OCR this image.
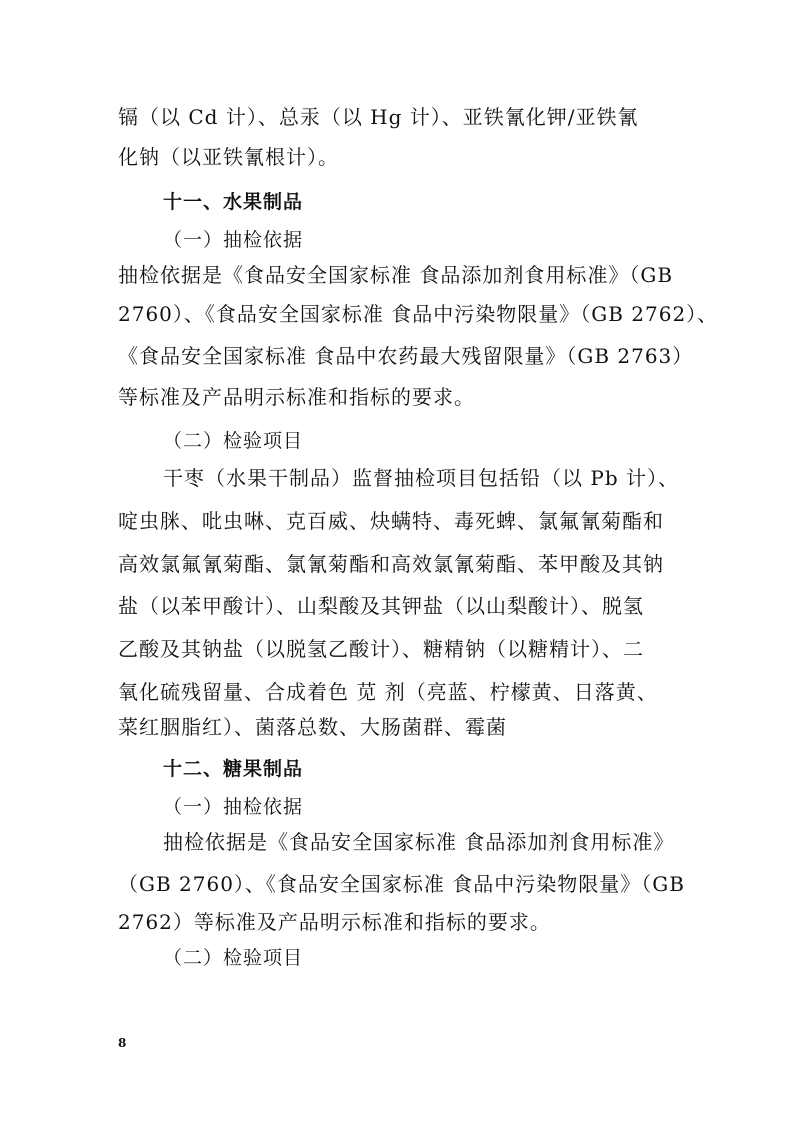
镉（以 Cd 计）、总汞（以 Hg 计）、亚铁氰化钾/亚铁氰
化钠（以亚铁氰根计）。
十一、水果制品
（一）抽检依据
抽检依据是《食品安全国家标准 食品添加剂食用标准》（GB
2760）、《食品安全国家标准 食品中污染物限量》（GB 2762）、
《食品安全国家标准 食品中农药最大残留限量》（GB 2763）
等标准及产品明示标准和指标的要求。
（二）检验项目
干枣（水果干制品）监督抽检项目包括铅（以 Pb 计）、
啶虫脒、吡虫啉、克百威、炔螨特、毒死蜱、氯氟氰菊酯和
高效氯氟氰菊酯、氯氰菊酯和高效氯氰菊酯、苯甲酸及其钠
盐（以苯甲酸计）、山梨酸及其钾盐（以山梨酸计）、脱氢
乙酸及其钠盐（以脱氢乙酸计）、糖精钠（以糖精计）、二
氧化硫残留量、合成着色 苋 剂（亮蓝、柠檬黄、日落黄、
菜红胭脂红）、菌落总数、大肠菌群、霉菌
十二、糖果制品
（一）抽检依据
抽检依据是《食品安全国家标准 食品添加剂食用标准》
（GB 2760）、《食品安全国家标准 食品中污染物限量》（GB
2762）等标准及产品明示标准和指标的要求。
（二）检验项目
8
